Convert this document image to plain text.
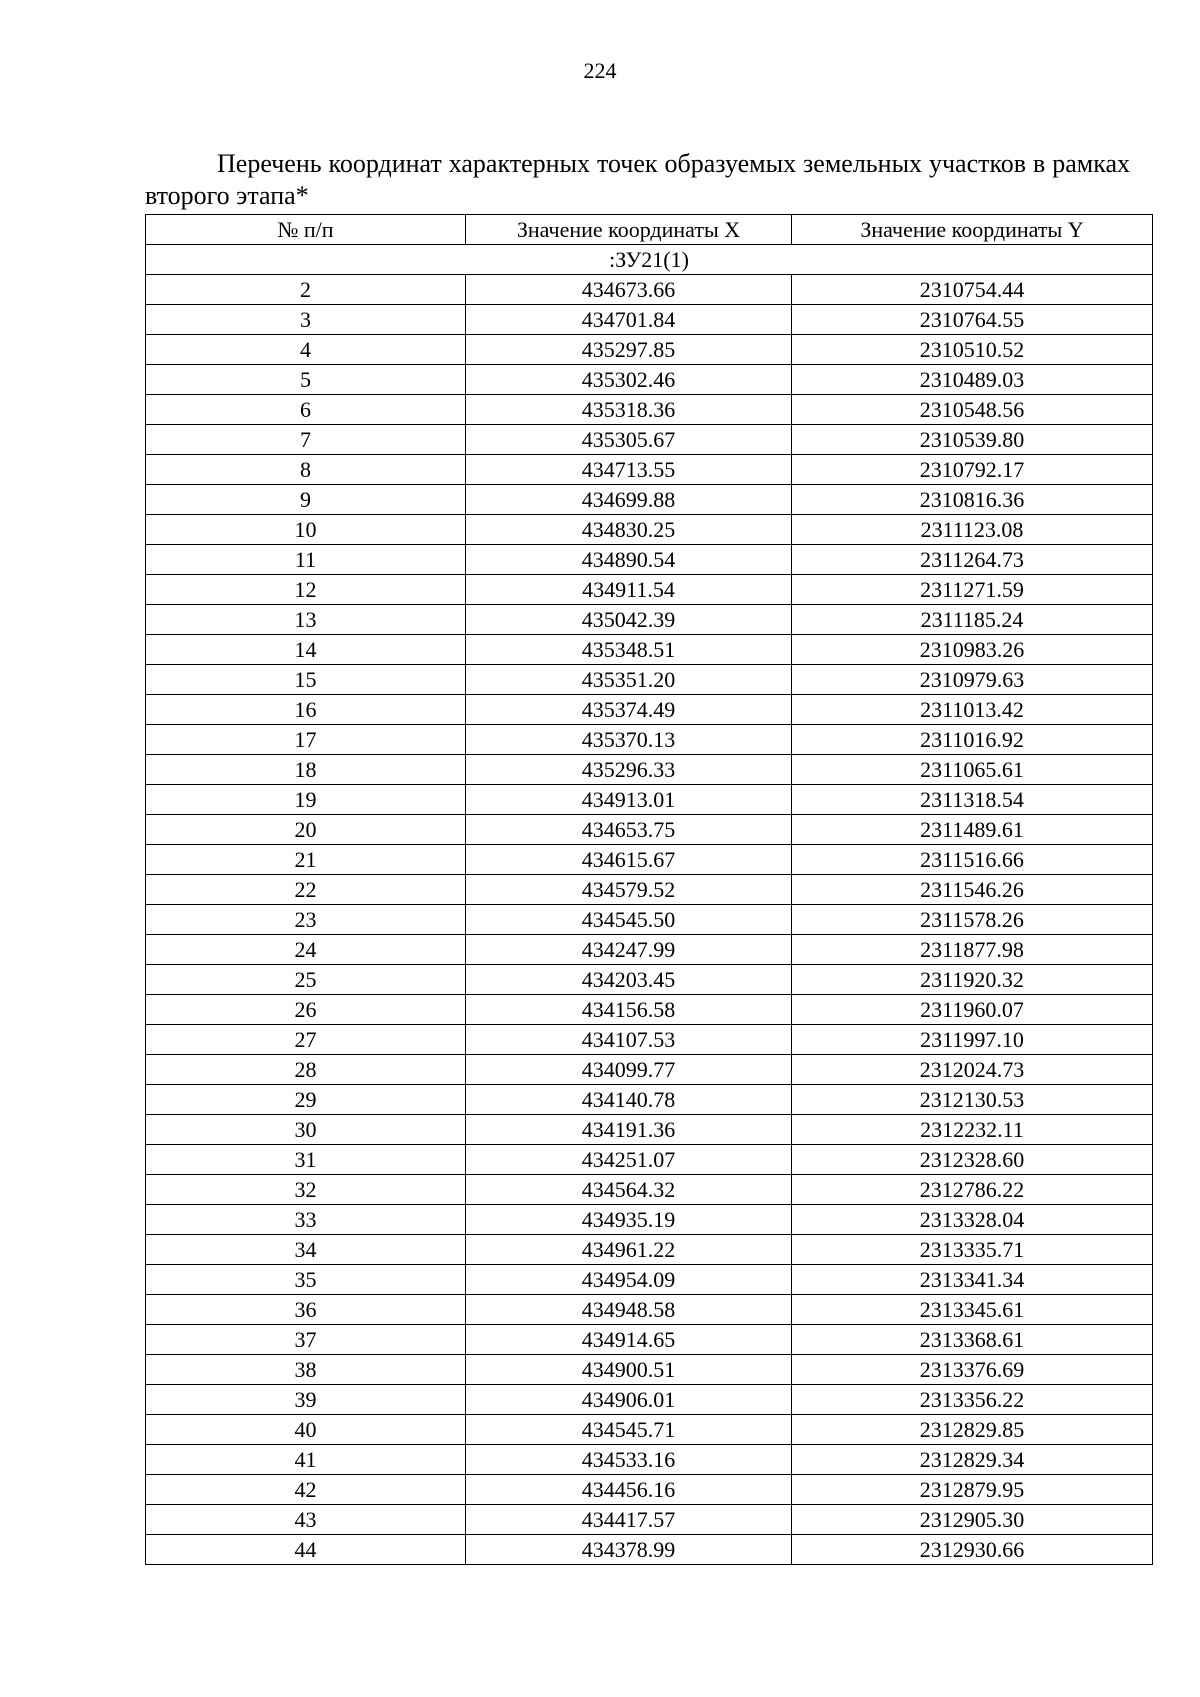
224
Перечень координат характерных точек образуемых земельных участков в рамках второго этапа*
№ п/п	Значение координаты X	Значение координаты Y
:ЗУ21(1)		
2	434673.66	2310754.44
3	434701.84	2310764.55
4	435297.85	2310510.52
5	435302.46	2310489.03
6	435318.36	2310548.56
7	435305.67	2310539.80
8	434713.55	2310792.17
9	434699.88	2310816.36
10	434830.25	2311123.08
11	434890.54	2311264.73
12	434911.54	2311271.59
13	435042.39	2311185.24
14	435348.51	2310983.26
15	435351.20	2310979.63
16	435374.49	2311013.42
17	435370.13	2311016.92
18	435296.33	2311065.61
19	434913.01	2311318.54
20	434653.75	2311489.61
21	434615.67	2311516.66
22	434579.52	2311546.26
23	434545.50	2311578.26
24	434247.99	2311877.98
25	434203.45	2311920.32
26	434156.58	2311960.07
27	434107.53	2311997.10
28	434099.77	2312024.73
29	434140.78	2312130.53
30	434191.36	2312232.11
31	434251.07	2312328.60
32	434564.32	2312786.22
33	434935.19	2313328.04
34	434961.22	2313335.71
35	434954.09	2313341.34
36	434948.58	2313345.61
37	434914.65	2313368.61
38	434900.51	2313376.69
39	434906.01	2313356.22
40	434545.71	2312829.85
41	434533.16	2312829.34
42	434456.16	2312879.95
43	434417.57	2312905.30
44	434378.99	2312930.66
